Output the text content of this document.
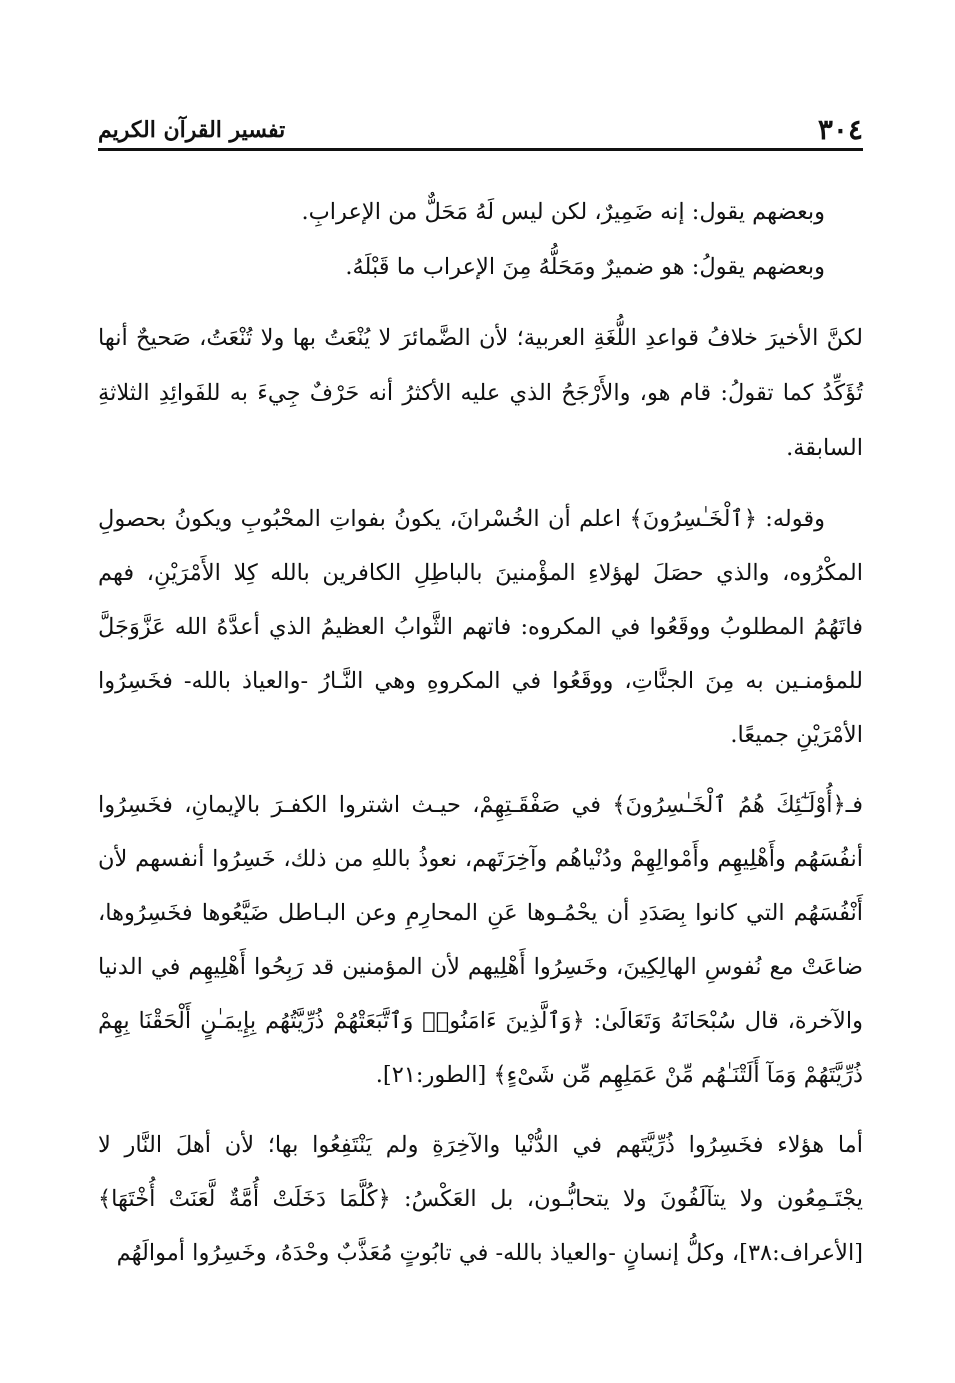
٣٠٤
تفسير القرآن الكريم

وبعضهم يقول: إنه ضَمِيرٌ، لكن ليس لَهُ مَحَلٌّ من الإعرابِ.

وبعضهم يقولُ: هو ضميرٌ ومَحَلُّهُ مِنَ الإعراب ما قَبْلَهُ.

لكنَّ الأخيرَ خلافُ قواعدِ اللُّغَةِ العربية؛ لأن الضَّمائرَ لا يُنْعَتُ بها ولا تُنْعَتُ، صَحيحٌ أنها تُؤَكِّدُ كما تقولُ: قام هو، والأَرْجَحُ الذي عليه الأكثرُ أنه حَرْفٌ جِيءَ به للفَوائِدِ الثلاثةِ السابقة.

وقوله: ﴿ٱلْخَـٰسِرُونَ﴾ اعلم أن الخُسْرانَ، يكونُ بفواتِ المحْبُوبِ ويكونُ بحصولِ المكْرُوه، والذي حصَلَ لهؤلاءِ المؤْمنينَ بالباطِلِ الكافرين بالله كِلا الأَمْرَيْنِ، فهم فاتَهُمُ المطلوبُ ووقَعُوا في المكروه: فاتهم الثَّوابُ العظيمُ الذي أعدَّهُ الله عَزَّوَجَلَّ للمؤمنـين به مِنَ الجنَّاتِ، ووقَعُوا في المكروهِ وهي النَّـارُ -والعياذ بالله- فخَسِرُوا الأمْرَيْنِ جميعًا.

فـ﴿أُوْلَـٰٓئِكَ هُمُ ٱلْخَـٰسِرُونَ﴾ في صَفْقَـتِهِمْ، حيـث اشتروا الكفـرَ بالإيمانِ، فخَسِرُوا أنفُسَهُم وأَهْلِيهِم وأَمْوالِهِمْ ودُنْياهُم وآخِرَتَهم، نعوذُ باللهِ من ذلك، خَسِرُوا أنفسهم لأن أَنْفُسَهُم التي كانوا بِصَدَدِ أن يحْمُـوها عَنِ المحارِمِ وعن البـاطل ضَيَّعُوها فخَسِرُوها، ضاعَتْ مع نُفوسِ الهالِكِينَ، وخَسِرُوا أَهْلِيهم لأن المؤمنين قد رَبِحُوا أَهْلِيهِم في الدنيا والآخرة، قال سُبْحَانَهُ وَتَعَالَىٰ: ﴿وَٱلَّذِينَ ءَامَنُوا۟ وَٱتَّبَعَتْهُمْ ذُرِّيَّتُهُم بِإِيمَـٰنٍ أَلْحَقْنَا بِهِمْ ذُرِّيَّتَهُمْ وَمَآ أَلَتْنَـٰهُم مِّنْ عَمَلِهِم مِّن شَىْءٍ﴾ [الطور:٢١].

أما هؤلاء فخَسِرُوا ذُرِّيَّتَهم في الدُّنْيا والآخِرَةِ ولم يَنْتَفِعُوا بها؛ لأن أهلَ النَّار لا يجْتَـمِعُون ولا يتآلَفُونَ ولا يتحابُّـون، بل العَكْسُ: ﴿كُلَّمَا دَخَلَتْ أُمَّةٌ لَّعَنَتْ أُخْتَهَا﴾ [الأعراف:٣٨]، وكلُّ إنسانٍ -والعياذ بالله- في تابُوتٍ مُعَذَّبٌ وحْدَهُ، وخَسِرُوا أموالَهُم
